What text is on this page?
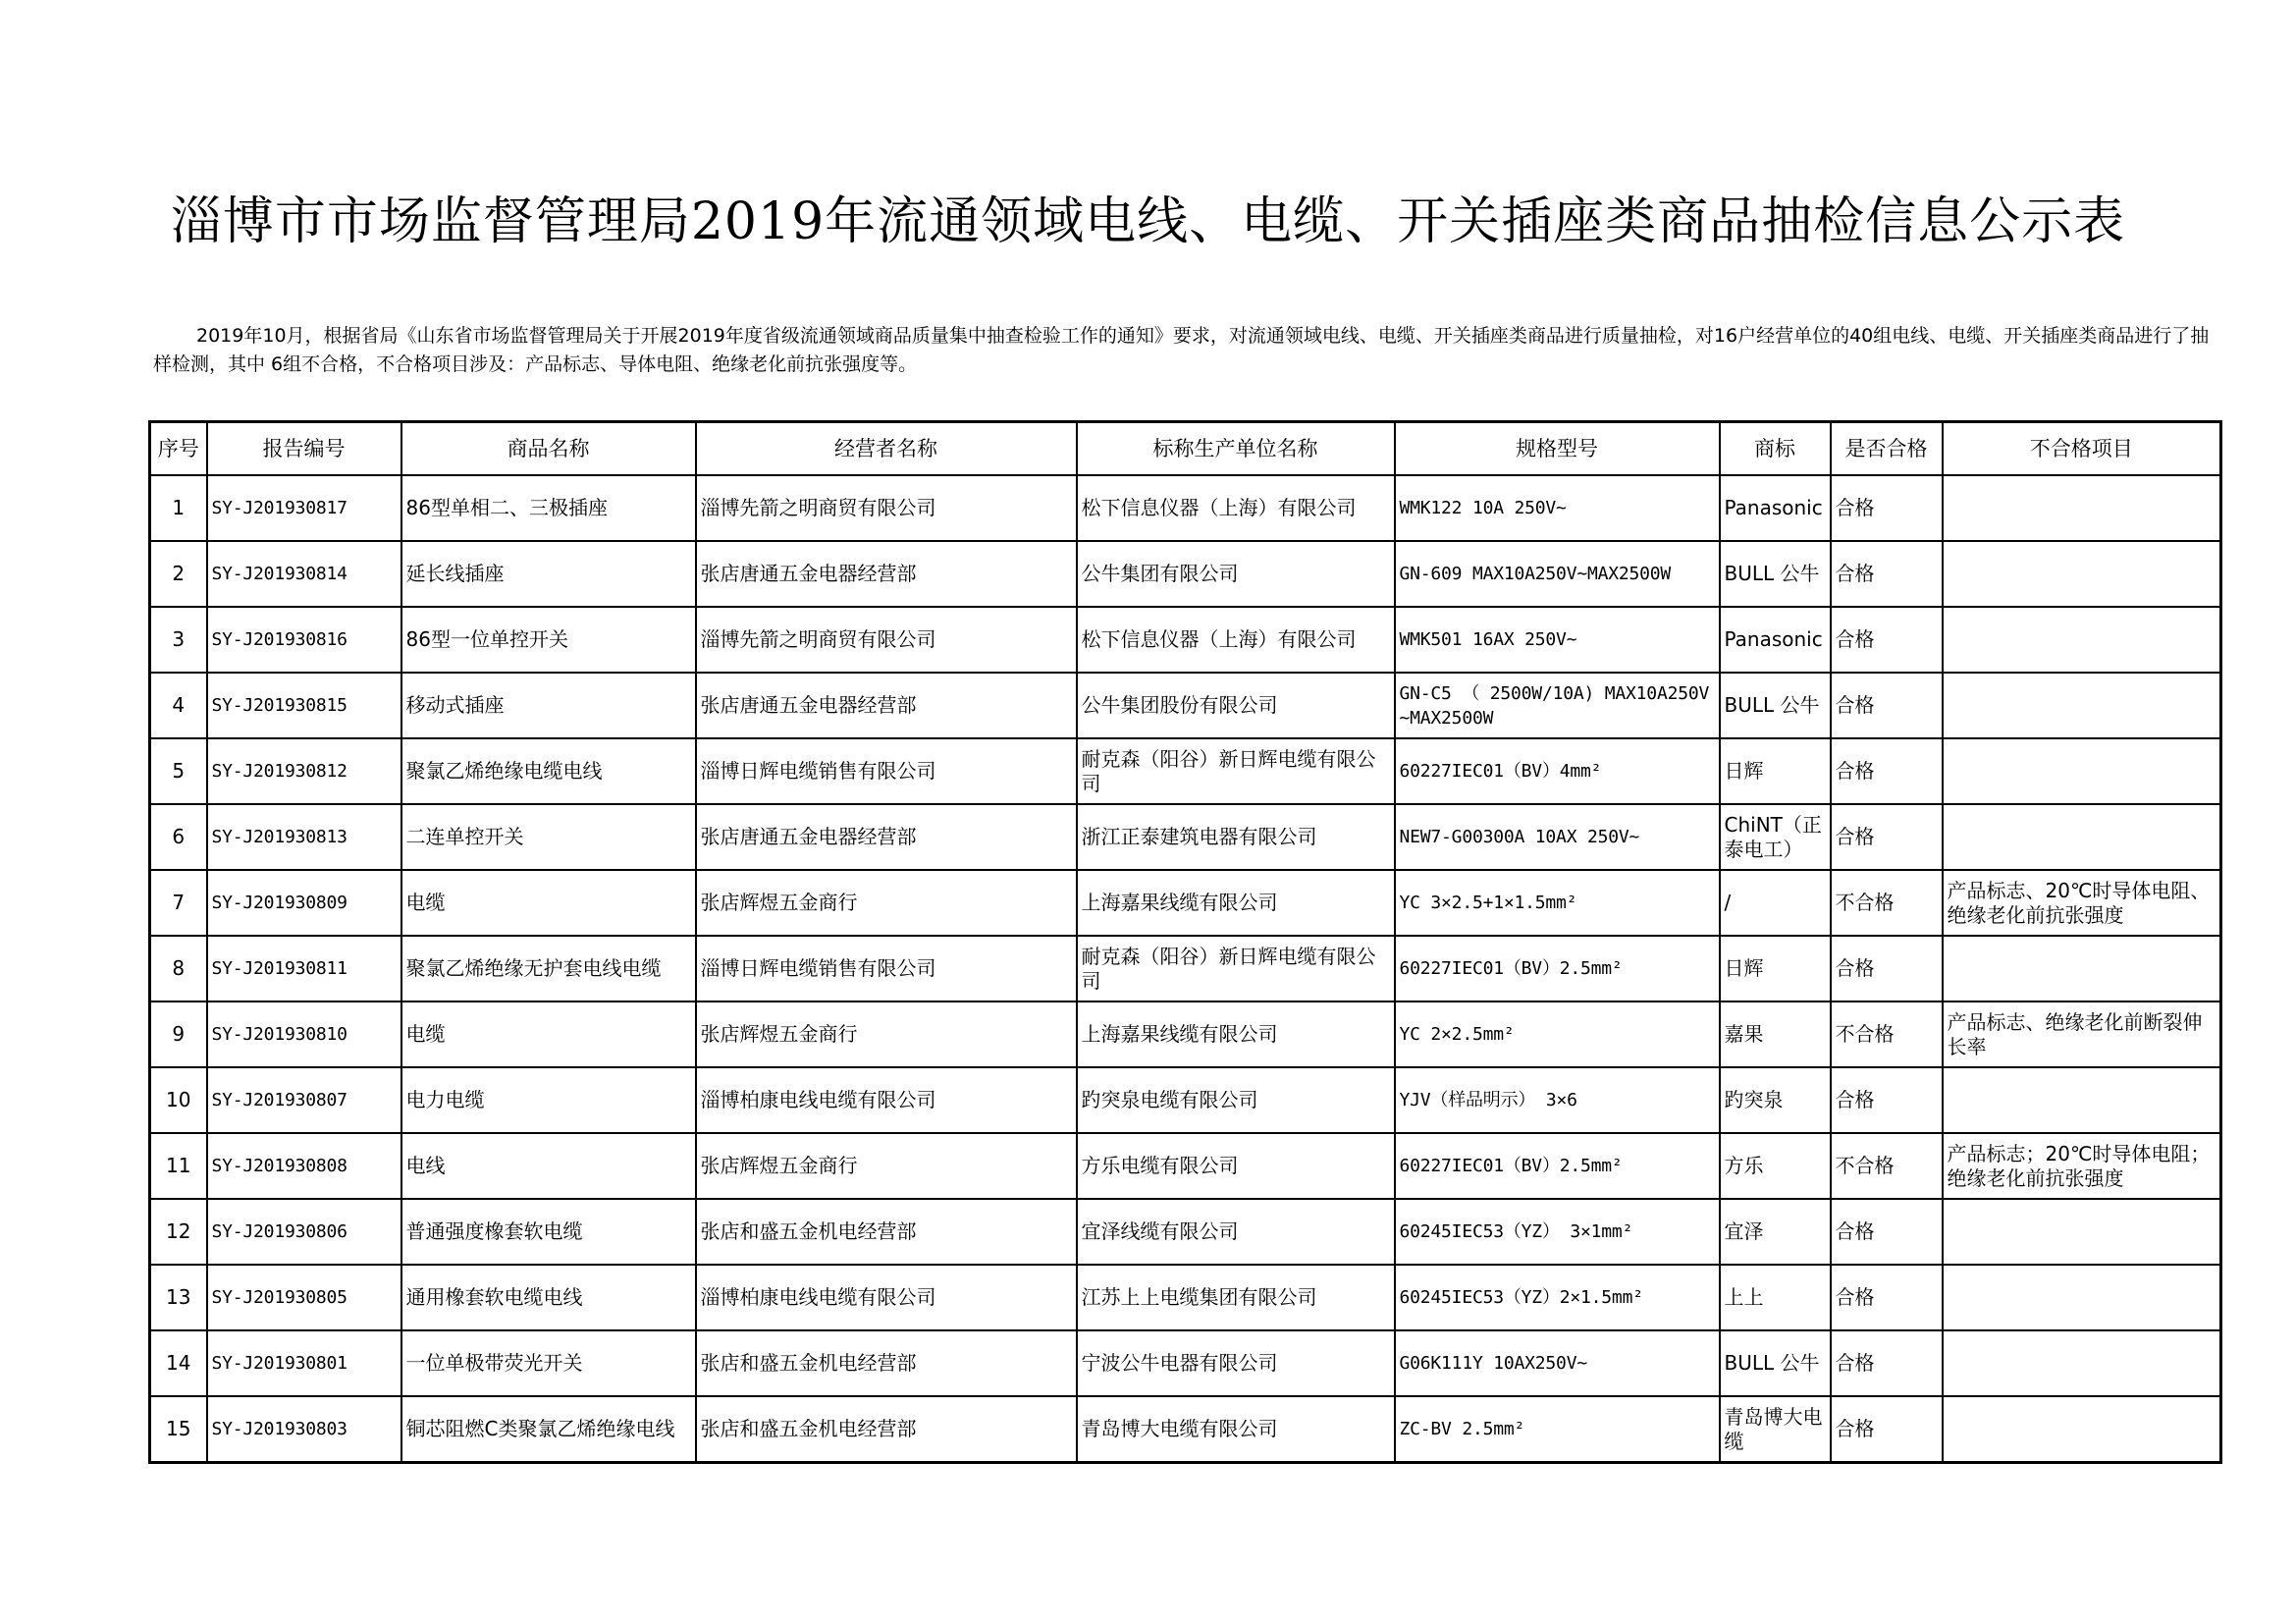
淄博市市场监督管理局2019年流通领域电线、电缆、开关插座类商品抽检信息公示表
2019年10月，根据省局《山东省市场监督管理局关于开展2019年度省级流通领域商品质量集中抽查检验工作的通知》要求，对流通领域电线、电缆、开关插座类商品进行质量抽检，对16户经营单位的40组电线、电缆、开关插座类商品进行了抽样检测，其中 6组不合格，不合格项目涉及：产品标志、导体电阻、绝缘老化前抗张强度等。
序号	报告编号	商品名称	经营者名称	标称生产单位名称	规格型号	商标	是否合格	不合格项目
1	SY-J201930817	86型单相二、三极插座	淄博先箭之明商贸有限公司	松下信息仪器（上海）有限公司	WMK122 10A 250V~	Panasonic	合格	
2	SY-J201930814	延长线插座	张店唐通五金电器经营部	公牛集团有限公司	GN-609 MAX10A250V~MAX2500W	BULL 公牛	合格	
3	SY-J201930816	86型一位单控开关	淄博先箭之明商贸有限公司	松下信息仪器（上海）有限公司	WMK501 16AX 250V~	Panasonic	合格	
4	SY-J201930815	移动式插座	张店唐通五金电器经营部	公牛集团股份有限公司	GN-C5 （ 2500W/10A) MAX10A250V~MAX2500W	BULL 公牛	合格	
5	SY-J201930812	聚氯乙烯绝缘电缆电线	淄博日辉电缆销售有限公司	耐克森（阳谷）新日辉电缆有限公司	60227IEC01（BV）4mm²	日辉	合格	
6	SY-J201930813	二连单控开关	张店唐通五金电器经营部	浙江正泰建筑电器有限公司	NEW7-G00300A 10AX 250V~	ChiNT（正泰电工）	合格	
7	SY-J201930809	电缆	张店辉煜五金商行	上海嘉果线缆有限公司	YC 3×2.5+1×1.5mm²	/	不合格	产品标志、20℃时导体电阻、绝缘老化前抗张强度
8	SY-J201930811	聚氯乙烯绝缘无护套电线电缆	淄博日辉电缆销售有限公司	耐克森（阳谷）新日辉电缆有限公司	60227IEC01（BV）2.5mm²	日辉	合格	
9	SY-J201930810	电缆	张店辉煜五金商行	上海嘉果线缆有限公司	YC 2×2.5mm²	嘉果	不合格	产品标志、绝缘老化前断裂伸长率
10	SY-J201930807	电力电缆	淄博柏康电线电缆有限公司	趵突泉电缆有限公司	YJV（样品明示） 3×6	趵突泉	合格	
11	SY-J201930808	电线	张店辉煜五金商行	方乐电缆有限公司	60227IEC01（BV）2.5mm²	方乐	不合格	产品标志；20℃时导体电阻；绝缘老化前抗张强度
12	SY-J201930806	普通强度橡套软电缆	张店和盛五金机电经营部	宜泽线缆有限公司	60245IEC53（YZ） 3×1mm²	宜泽	合格	
13	SY-J201930805	通用橡套软电缆电线	淄博柏康电线电缆有限公司	江苏上上电缆集团有限公司	60245IEC53（YZ）2×1.5mm²	上上	合格	
14	SY-J201930801	一位单极带荧光开关	张店和盛五金机电经营部	宁波公牛电器有限公司	G06K111Y 10AX250V~	BULL 公牛	合格	
15	SY-J201930803	铜芯阻燃C类聚氯乙烯绝缘电线	张店和盛五金机电经营部	青岛博大电缆有限公司	ZC-BV 2.5mm²	青岛博大电缆	合格	
